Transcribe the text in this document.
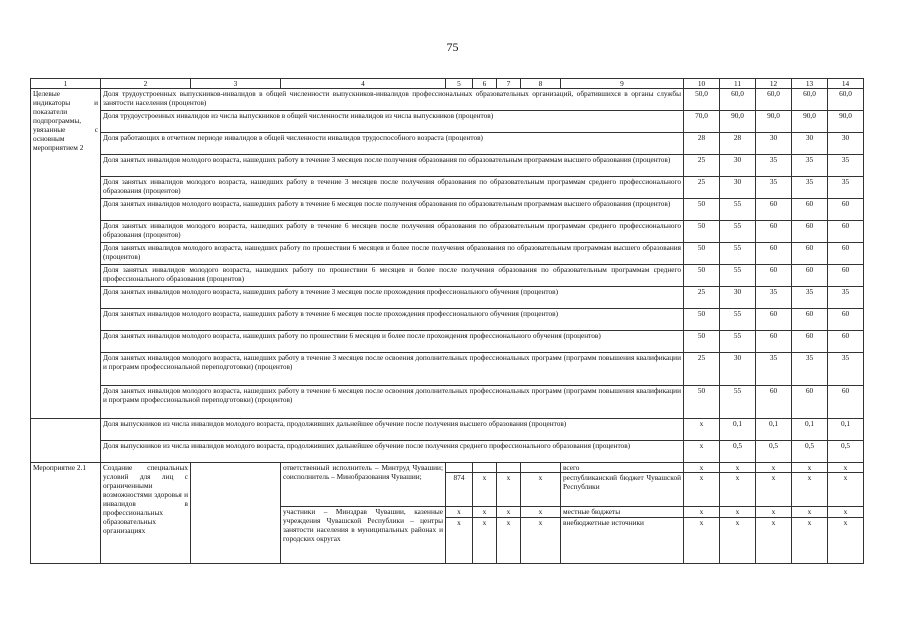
75
1	2	3	4	5	6	7	8	9	10	11	12	13	14
Целевые индикаторы и показатели подпрограммы, увязанные с основным мероприятием 2	Доля трудоустроенных выпускников-инвалидов в общей численности выпускников-инвалидов профессиональных образовательных организаций, обратившихся в органы службы занятости населения (процентов)								50,0	60,0	60,0	60,0	60,0
	Доля трудоустроенных инвалидов из числа выпускников в общей численности инвалидов из числа выпускников (процентов)								70,0	90,0	90,0	90,0	90,0
	Доля работающих в отчетном периоде инвалидов в общей численности инвалидов трудоспособного возраста (процентов)								28	28	30	30	30
	Доля занятых инвалидов молодого возраста, нашедших работу в течение 3 месяцев после получения образования по образовательным программам высшего образования (процентов)								25	30	35	35	35
	Доля занятых инвалидов молодого возраста, нашедших работу в течение 3 месяцев после получения образования по образовательным программам среднего профессионального образования (процентов)								25	30	35	35	35
	Доля занятых инвалидов молодого возраста, нашедших работу в течение 6 месяцев после получения образования по образовательным программам высшего образования (процентов)								50	55	60	60	60
	Доля занятых инвалидов молодого возраста, нашедших работу в течение 6 месяцев после получения образования по образовательным программам среднего профессионального образования (процентов)								50	55	60	60	60
	Доля занятых инвалидов молодого возраста, нашедших работу по прошествии 6 месяцев и более после получения образования по образовательным программам высшего образования (процентов)								50	55	60	60	60
	Доля занятых инвалидов молодого возраста, нашедших работу по прошествии 6 месяцев и более после получения образования по образовательным программам среднего профессионального образования (процентов)								50	55	60	60	60
	Доля занятых инвалидов молодого возраста, нашедших работу в течение 3 месяцев после прохождения профессионального обучения (процентов)								25	30	35	35	35
	Доля занятых инвалидов молодого возраста, нашедших работу в течение 6 месяцев после прохождения профессионального обучения (процентов)								50	55	60	60	60
	Доля занятых инвалидов молодого возраста, нашедших работу по прошествии 6 месяцев и более после прохождения профессионального обучения (процентов)								50	55	60	60	60
	Доля занятых инвалидов молодого возраста, нашедших работу в течение 3 месяцев после освоения дополнительных профессиональных программ (программ повышения квалификации и программ профессиональной переподготовки) (процентов)								25	30	35	35	35
	Доля занятых инвалидов молодого возраста, нашедших работу в течение 6 месяцев после освоения дополнительных профессиональных программ (программ повышения квалификации и программ профессиональной переподготовки) (процентов)								50	55	60	60	60
	Доля выпускников из числа инвалидов молодого возраста, продолживших дальнейшее обучение после получения высшего образования (процентов)								x	0,1	0,1	0,1	0,1
	Доля выпускников из числа инвалидов молодого возраста, продолживших дальнейшее обучение после получения среднего профессионального образования (процентов)								x	0,5	0,5	0,5	0,5
Мероприятие 2.1	Создание специальных условий для лиц с ограниченными возможностями здоровья и инвалидов в профессиональных образовательных организациях		ответственный исполнитель – Минтруд Чувашии; соисполнитель – Минобразования Чувашии;					всего	x	x	x	x	x
				874	x	x	x	республиканский бюджет Чувашской Республики	x	x	x	x	x
			участники – Минздрав Чувашии, казенные учреждения Чувашской Республики – центры занятости населения в муниципальных районах и городских округах	x	x	x	x	местные бюджеты	x	x	x	x	x
				x	x	x	x	внебюджетные источники	x	x	x	x	x
